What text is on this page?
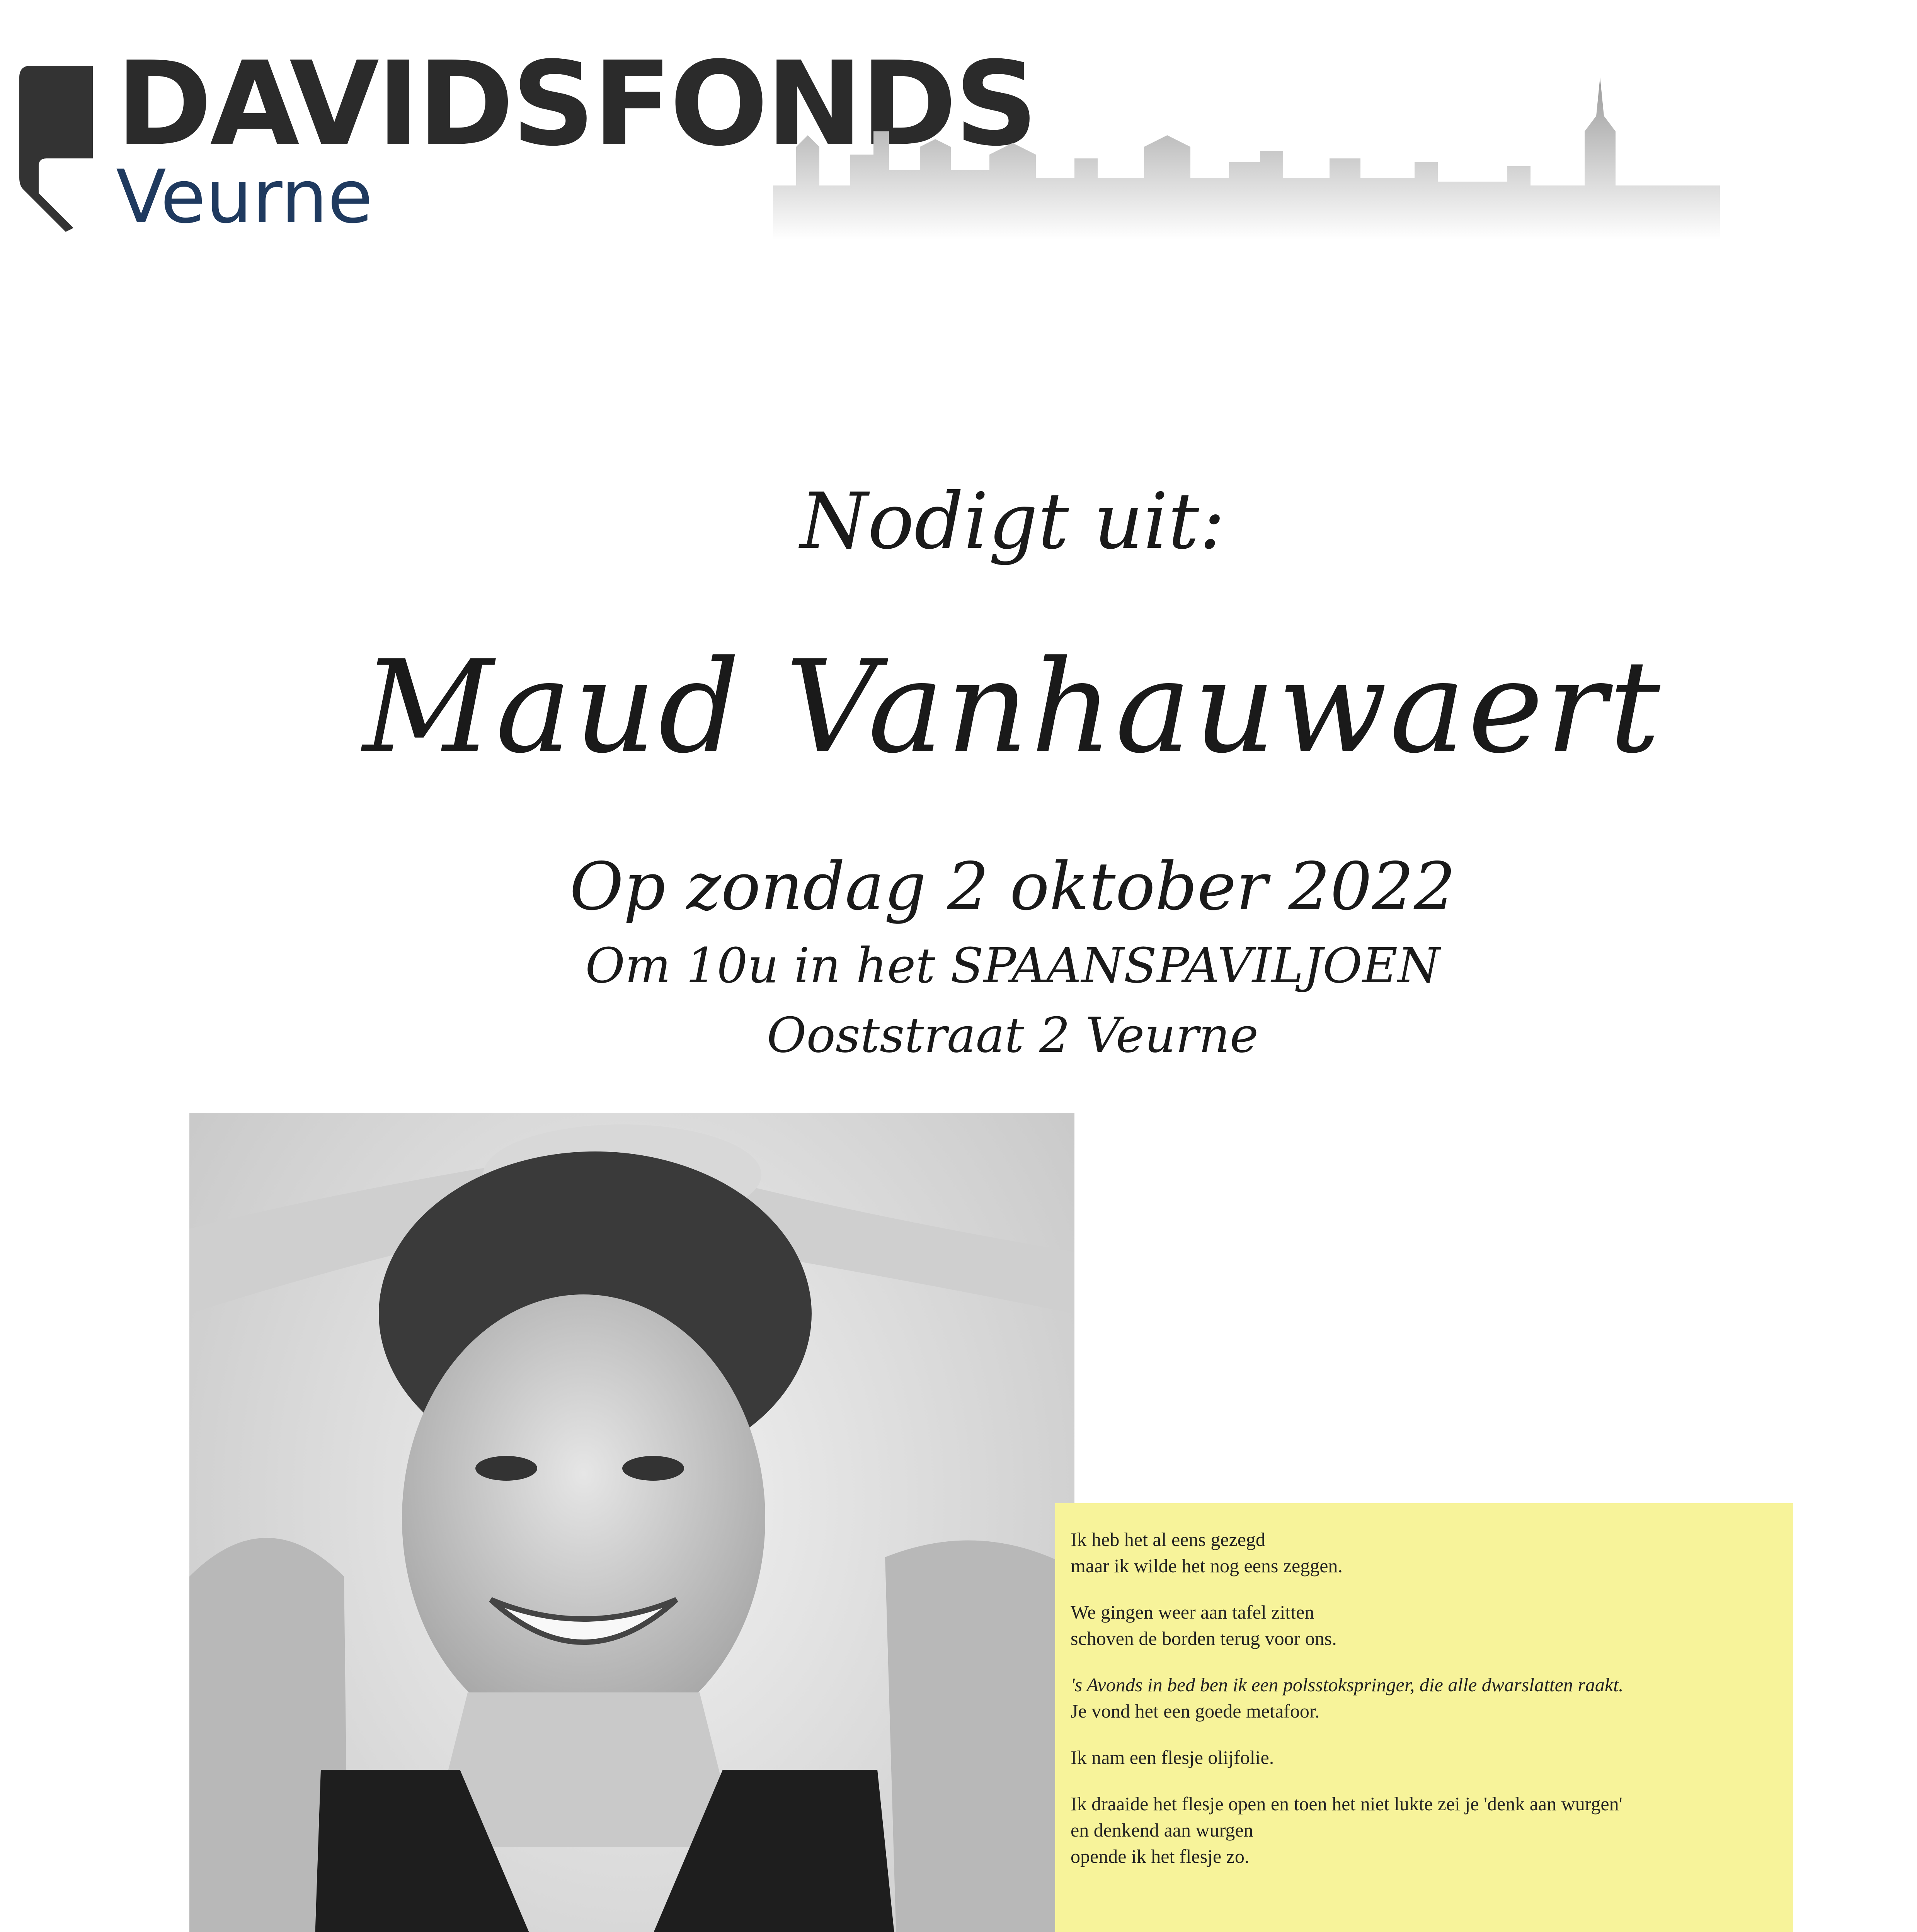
DAVIDSFONDS
Veurne
Nodigt uit:
Maud Vanhauwaert
Op zondag 2 oktober 2022
Om 10u in het SPAANSPAVILJOEN
Ooststraat 2 Veurne

Ik heb het al eens gezegd
maar ik wilde het nog eens zeggen.

We gingen weer aan tafel zitten
schoven de borden terug voor ons.

's Avonds in bed ben ik een polsstokspringer, die alle dwarslatten raakt.
Je vond het een goede metafoor.

Ik nam een flesje olijfolie.

Ik draaide het flesje open en toen het niet lukte zei je 'denk aan wurgen'
en denkend aan wurgen
opende ik het flesje zo.
